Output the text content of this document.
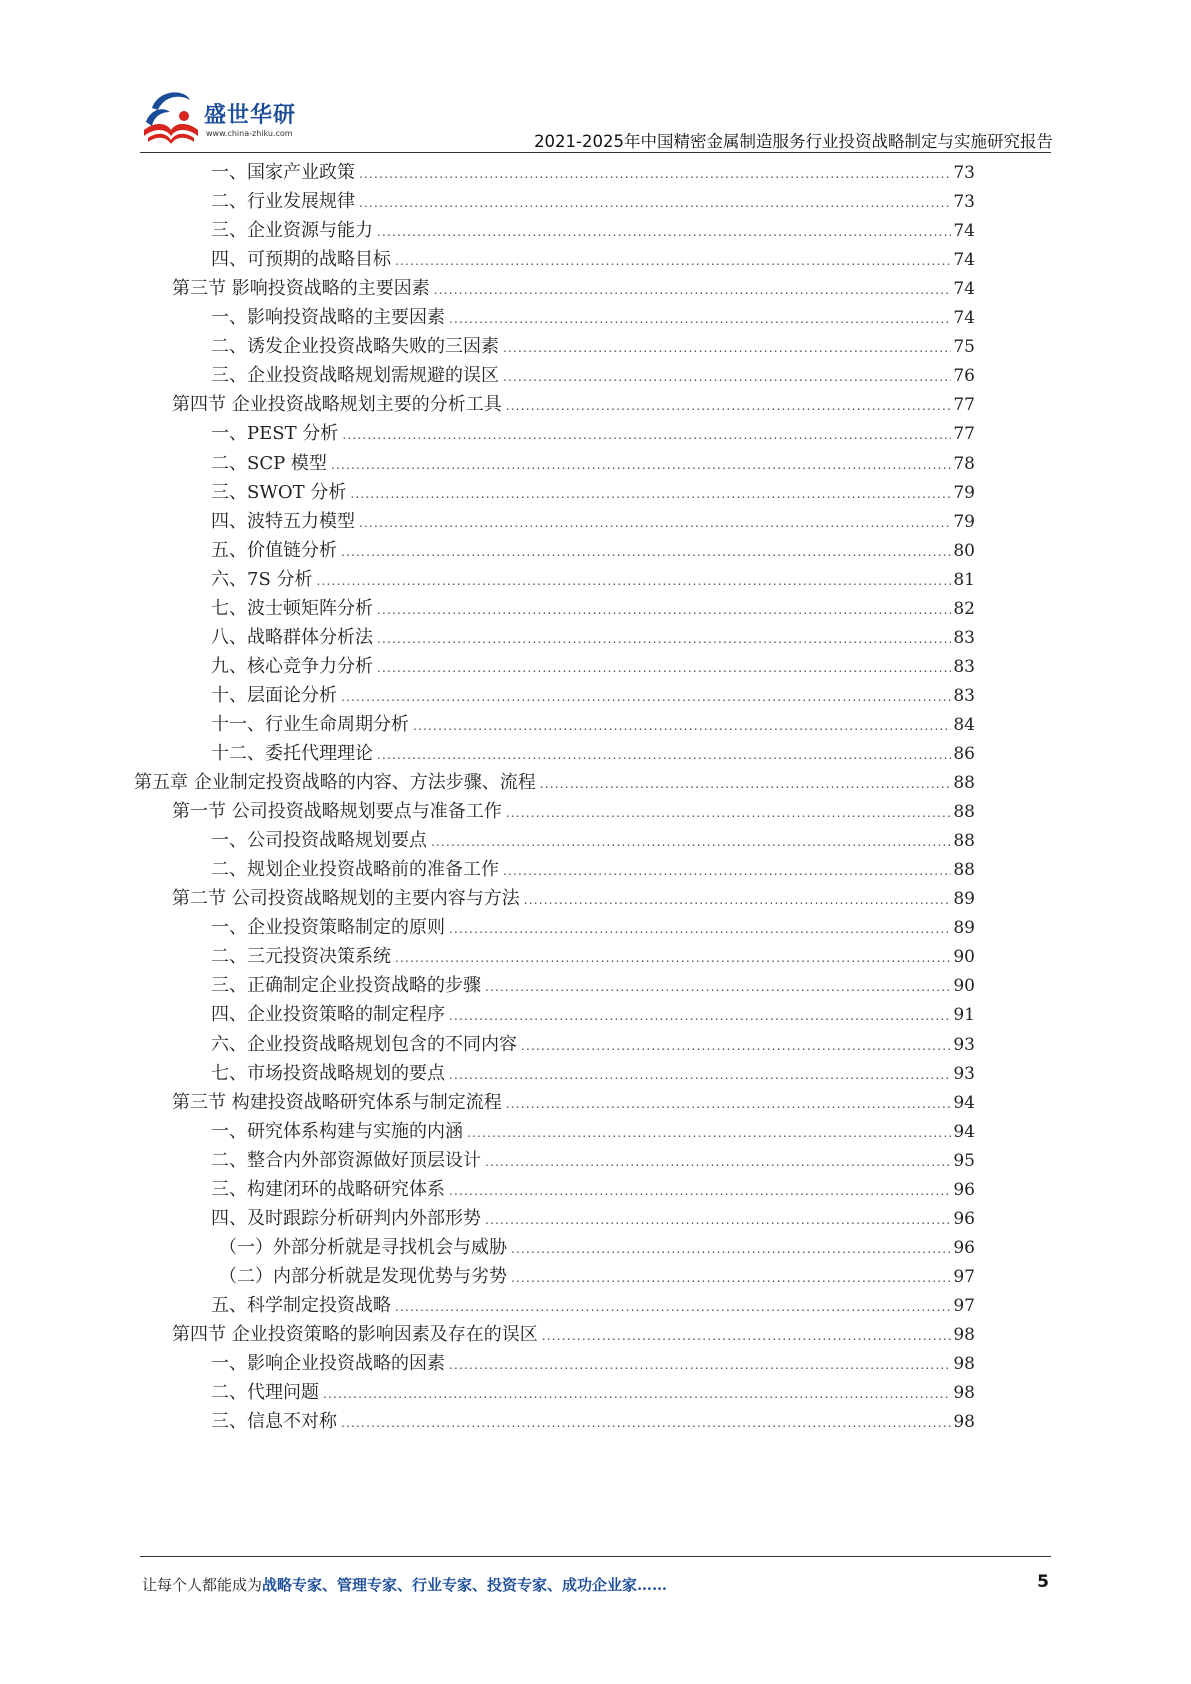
盛世华研
www.china-zhiku.com	2021-2025年中国精密金属制造服务行业投资战略制定与实施研究报告
一、国家产业政策 .....	73
二、行业发展规律 .....	73
三、企业资源与能力 .....	74
四、可预期的战略目标 .....	74
第三节 影响投资战略的主要因素 .....	74
一、影响投资战略的主要因素 .....	74
二、诱发企业投资战略失败的三因素 .....	75
三、企业投资战略规划需规避的误区 .....	76
第四节 企业投资战略规划主要的分析工具 .....	77
一、PEST 分析 .....	77
二、SCP 模型 .....	78
三、SWOT 分析 .....	79
四、波特五力模型 .....	79
五、价值链分析 .....	80
六、7S 分析 .....	81
七、波士顿矩阵分析 .....	82
八、战略群体分析法 .....	83
九、核心竞争力分析 .....	83
十、层面论分析 .....	83
十一、行业生命周期分析 .....	84
十二、委托代理理论 .....	86
第五章 企业制定投资战略的内容、方法步骤、流程 .....	88
第一节 公司投资战略规划要点与准备工作 .....	88
一、公司投资战略规划要点 .....	88
二、规划企业投资战略前的准备工作 .....	88
第二节 公司投资战略规划的主要内容与方法 .....	89
一、企业投资策略制定的原则 .....	89
二、三元投资决策系统 .....	90
三、正确制定企业投资战略的步骤 .....	90
四、企业投资策略的制定程序 .....	91
六、企业投资战略规划包含的不同内容 .....	93
七、市场投资战略规划的要点 .....	93
第三节 构建投资战略研究体系与制定流程 .....	94
一、研究体系构建与实施的内涵 .....	94
二、整合内外部资源做好顶层设计 .....	95
三、构建闭环的战略研究体系 .....	96
四、及时跟踪分析研判内外部形势 .....	96
（一）外部分析就是寻找机会与威胁 .....	96
（二）内部分析就是发现优势与劣势 .....	97
五、科学制定投资战略 .....	97
第四节 企业投资策略的影响因素及存在的误区 .....	98
一、影响企业投资战略的因素 .....	98
二、代理问题 .....	98
三、信息不对称 .....	98
让每个人都能成为战略专家、管理专家、行业专家、投资专家、成功企业家……	5
